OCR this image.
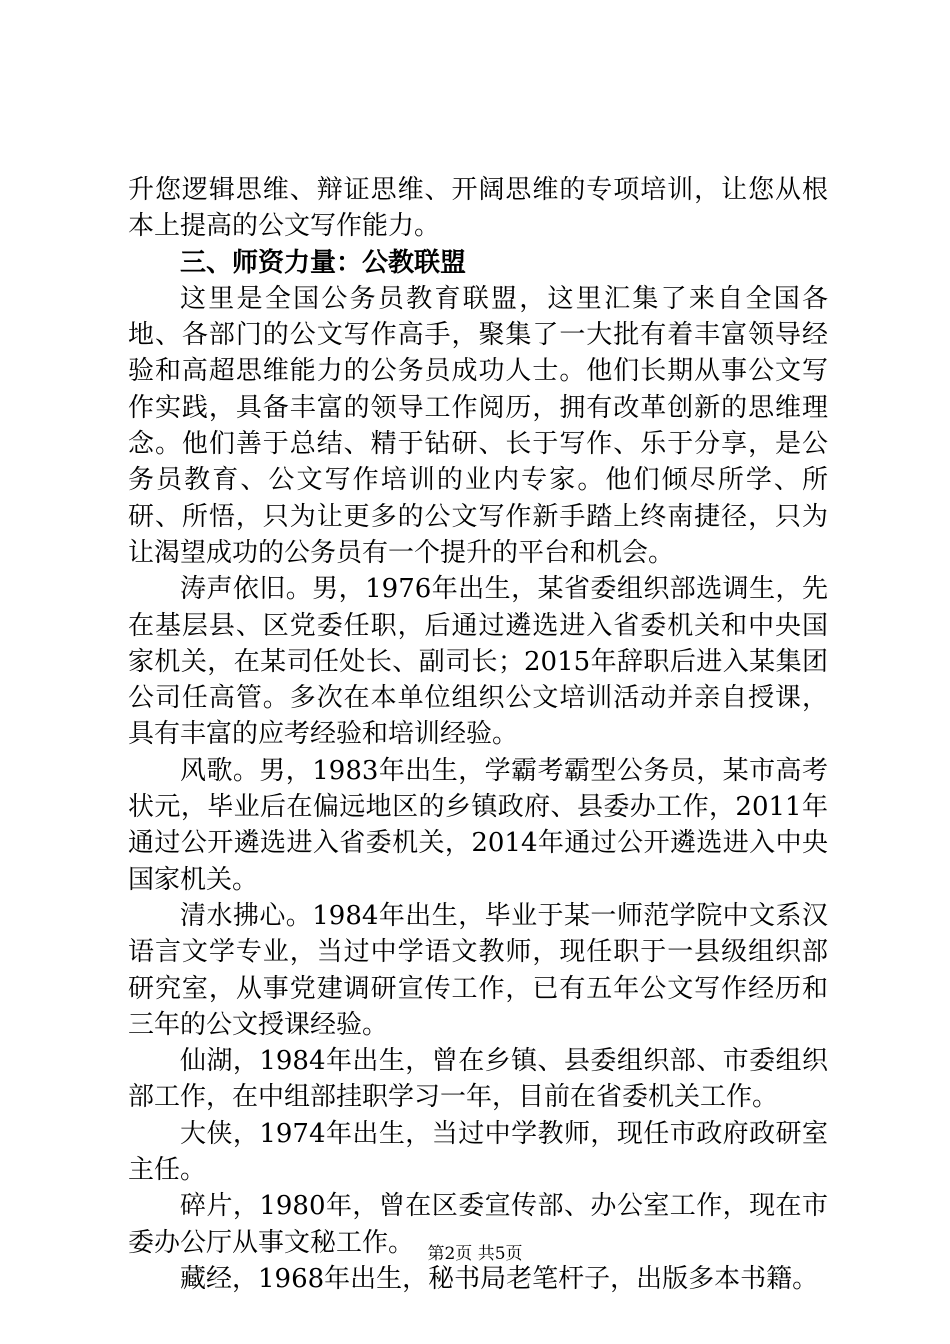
升您逻辑思维、辩证思维、开阔思维的专项培训，让您从根本上提高的公文写作能力。

三、师资力量：公教联盟

这里是全国公务员教育联盟，这里汇集了来自全国各地、各部门的公文写作高手，聚集了一大批有着丰富领导经验和高超思维能力的公务员成功人士。他们长期从事公文写作实践，具备丰富的领导工作阅历，拥有改革创新的思维理念。他们善于总结、精于钻研、长于写作、乐于分享，是公务员教育、公文写作培训的业内专家。他们倾尽所学、所研、所悟，只为让更多的公文写作新手踏上终南捷径，只为让渴望成功的公务员有一个提升的平台和机会。

涛声依旧。男，1976年出生，某省委组织部选调生，先在基层县、区党委任职，后通过遴选进入省委机关和中央国家机关，在某司任处长、副司长；2015年辞职后进入某集团公司任高管。多次在本单位组织公文培训活动并亲自授课，具有丰富的应考经验和培训经验。

风歌。男，1983年出生，学霸考霸型公务员，某市高考状元，毕业后在偏远地区的乡镇政府、县委办工作，2011年通过公开遴选进入省委机关，2014年通过公开遴选进入中央国家机关。

清水拂心。1984年出生，毕业于某一师范学院中文系汉语言文学专业，当过中学语文教师，现任职于一县级组织部研究室，从事党建调研宣传工作，已有五年公文写作经历和三年的公文授课经验。

仙湖，1984年出生，曾在乡镇、县委组织部、市委组织部工作，在中组部挂职学习一年，目前在省委机关工作。

大侠，1974年出生，当过中学教师，现任市政府政研室主任。

碎片，1980年，曾在区委宣传部、办公室工作，现在市委办公厅从事文秘工作。

藏经，1968年出生，秘书局老笔杆子，出版多本书籍。

第2页 共5页
